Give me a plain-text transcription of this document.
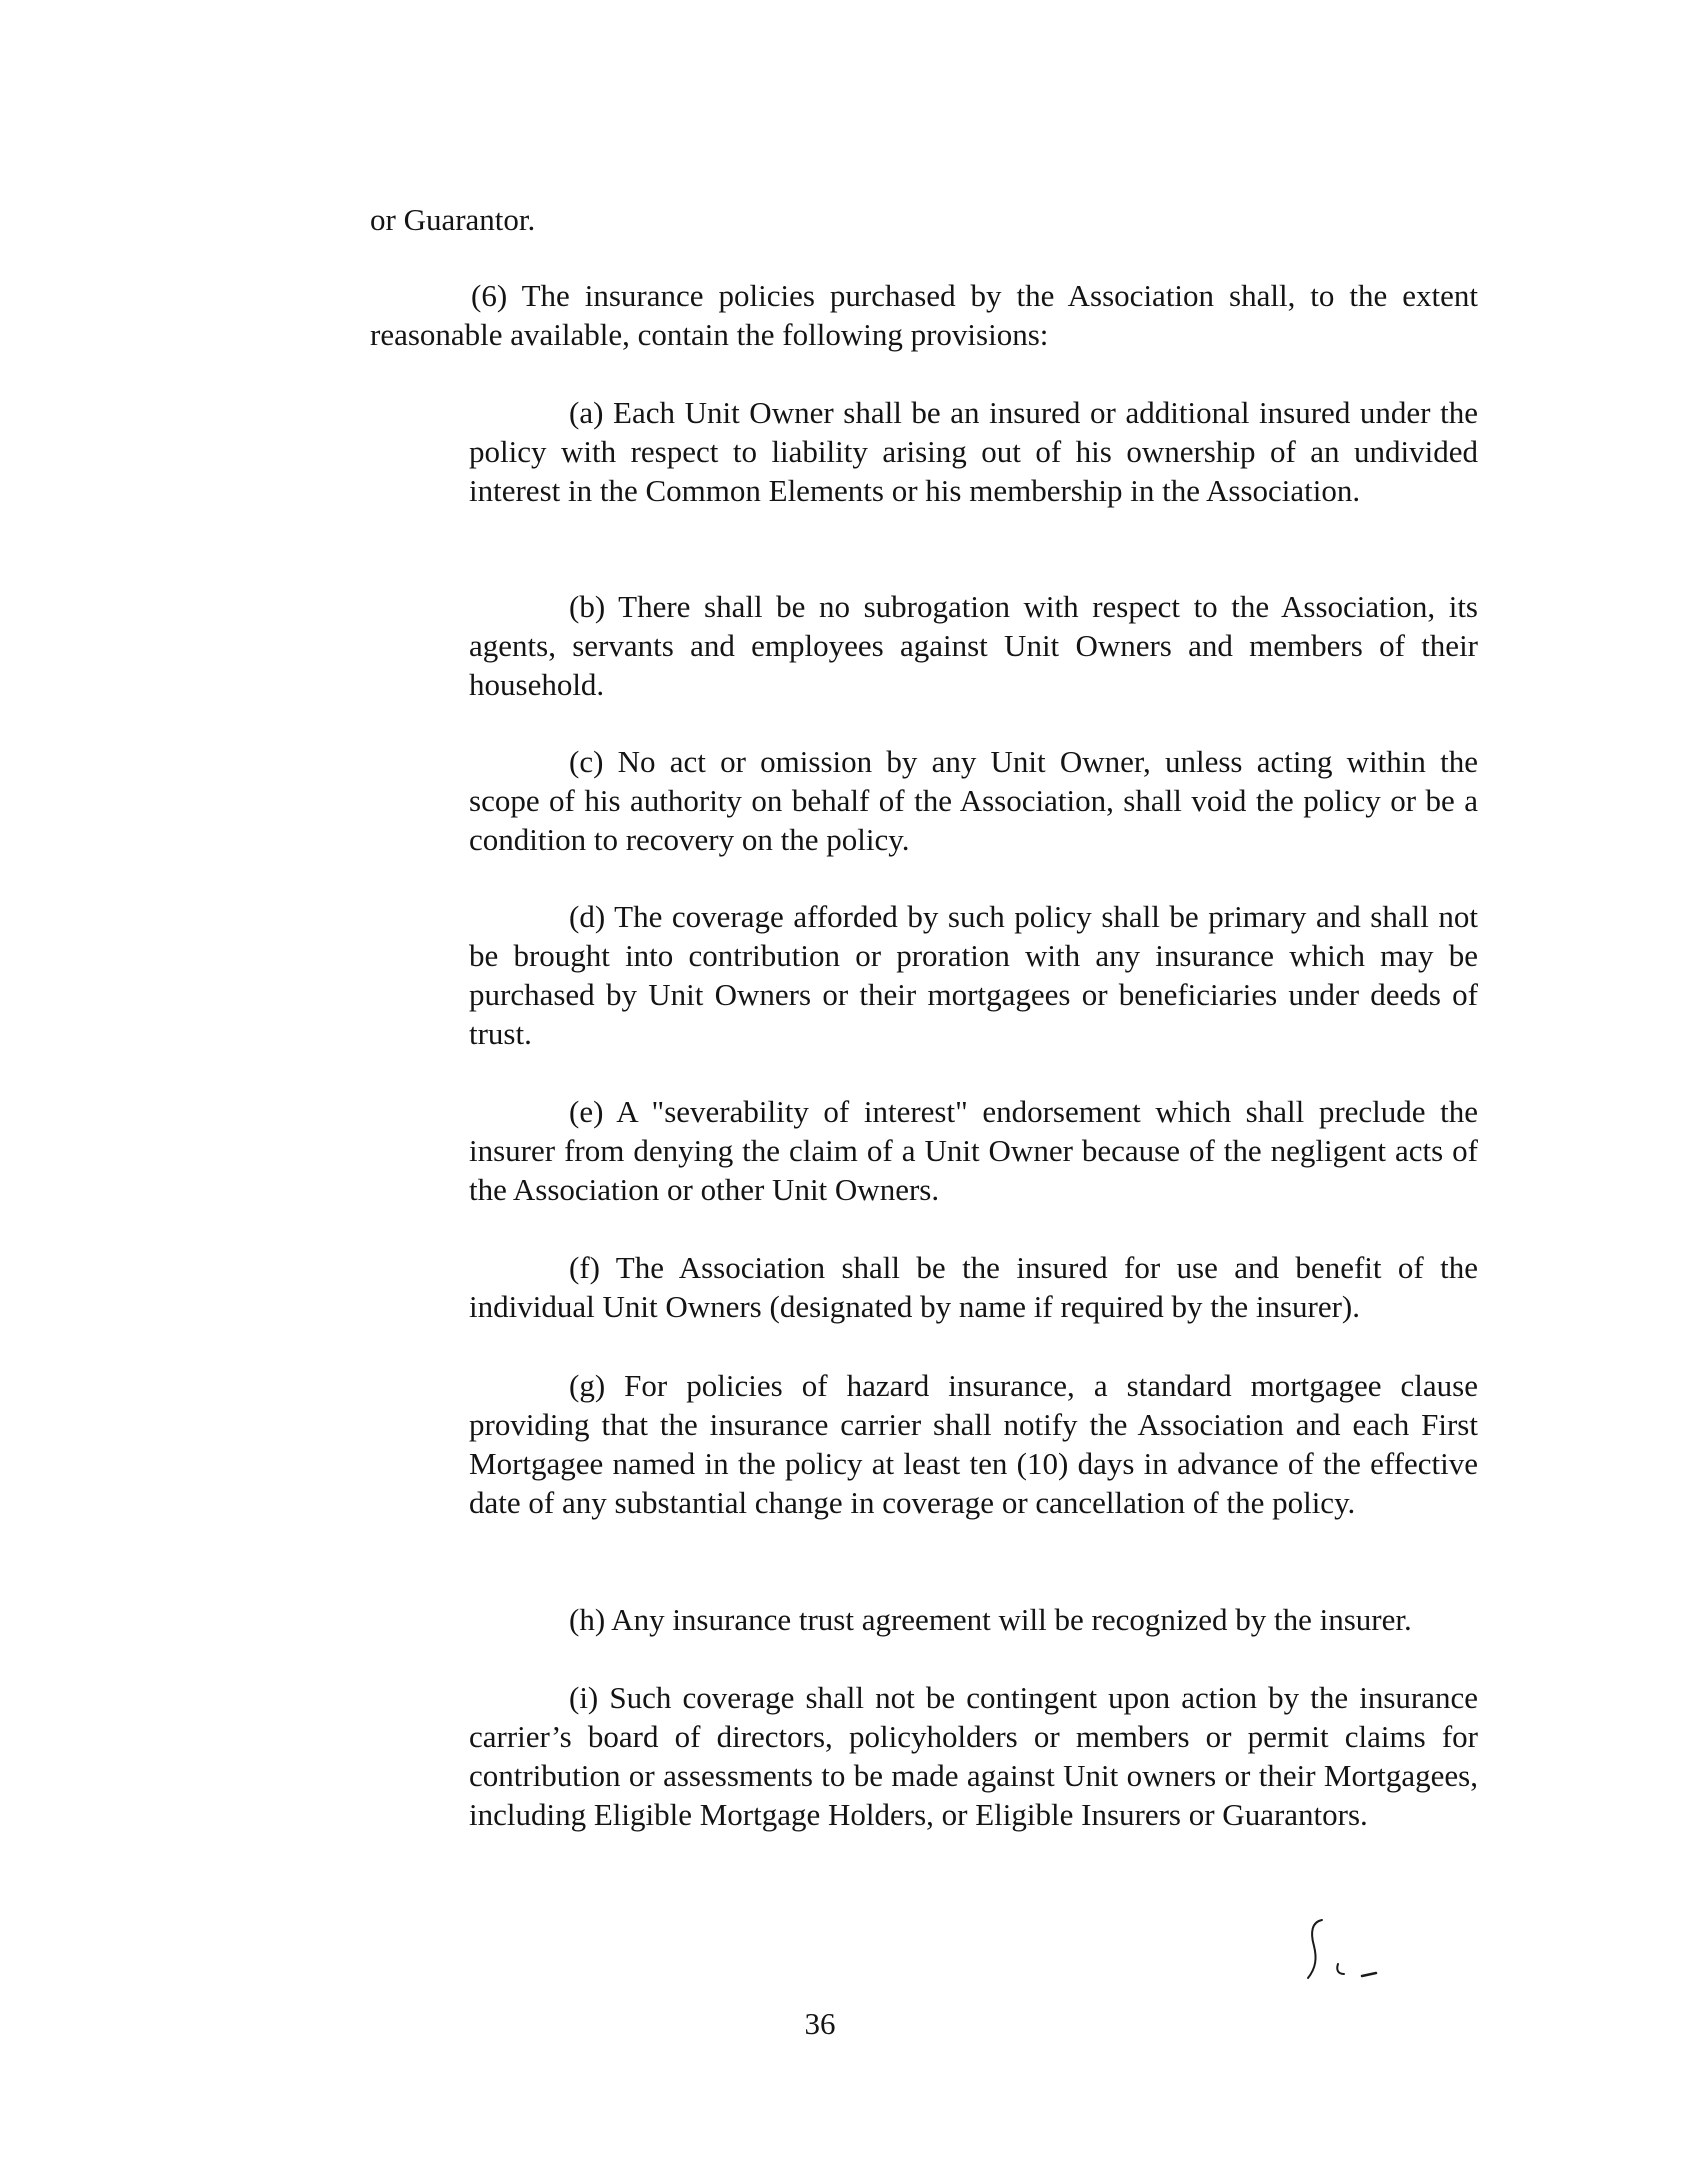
or Guarantor.

(6) The insurance policies purchased by the Association shall, to the extent reasonable available, contain the following provisions:

(a) Each Unit Owner shall be an insured or additional insured under the policy with respect to liability arising out of his ownership of an undivided interest in the Common Elements or his membership in the Association.

(b) There shall be no subrogation with respect to the Association, its agents, servants and employees against Unit Owners and members of their household.

(c) No act or omission by any Unit Owner, unless acting within the scope of his authority on behalf of the Association, shall void the policy or be a condition to recovery on the policy.

(d) The coverage afforded by such policy shall be primary and shall not be brought into contribution or proration with any insurance which may be purchased by Unit Owners or their mortgagees or beneficiaries under deeds of trust.

(e) A "severability of interest" endorsement which shall preclude the insurer from denying the claim of a Unit Owner because of the negligent acts of the Association or other Unit Owners.

(f) The Association shall be the insured for use and benefit of the individual Unit Owners (designated by name if required by the insurer).

(g) For policies of hazard insurance, a standard mortgagee clause providing that the insurance carrier shall notify the Association and each First Mortgagee named in the policy at least ten (10) days in advance of the effective date of any substantial change in coverage or cancellation of the policy.

(h) Any insurance trust agreement will be recognized by the insurer.

(i) Such coverage shall not be contingent upon action by the insurance carrier’s board of directors, policyholders or members or permit claims for contribution or assessments to be made against Unit owners or their Mortgagees, including Eligible Mortgage Holders, or Eligible Insurers or Guarantors.

36
